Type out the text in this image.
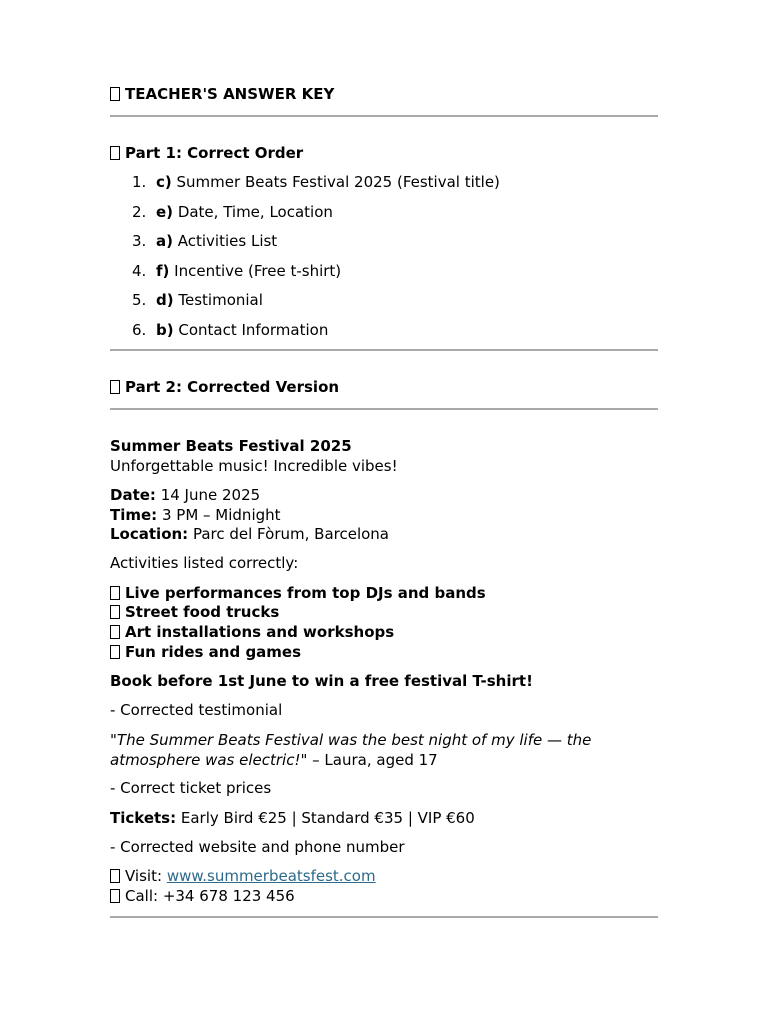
TEACHER'S ANSWER KEY
Part 1: Correct Order
1. c) Summer Beats Festival 2025 (Festival title)
2. e) Date, Time, Location
3. a) Activities List
4. f) Incentive (Free t-shirt)
5. d) Testimonial
6. b) Contact Information
Part 2: Corrected Version
Summer Beats Festival 2025
Unforgettable music! Incredible vibes!
Date: 14 June 2025
Time: 3 PM – Midnight
Location: Parc del Fòrum, Barcelona
Activities listed correctly:
Live performances from top DJs and bands
Street food trucks
Art installations and workshops
Fun rides and games
Book before 1st June to win a free festival T-shirt!
- Corrected testimonial
"The Summer Beats Festival was the best night of my life — the atmosphere was electric!" – Laura, aged 17
- Correct ticket prices
Tickets: Early Bird €25 | Standard €35 | VIP €60
- Corrected website and phone number
Visit: www.summerbeatsfest.com
Call: +34 678 123 456
